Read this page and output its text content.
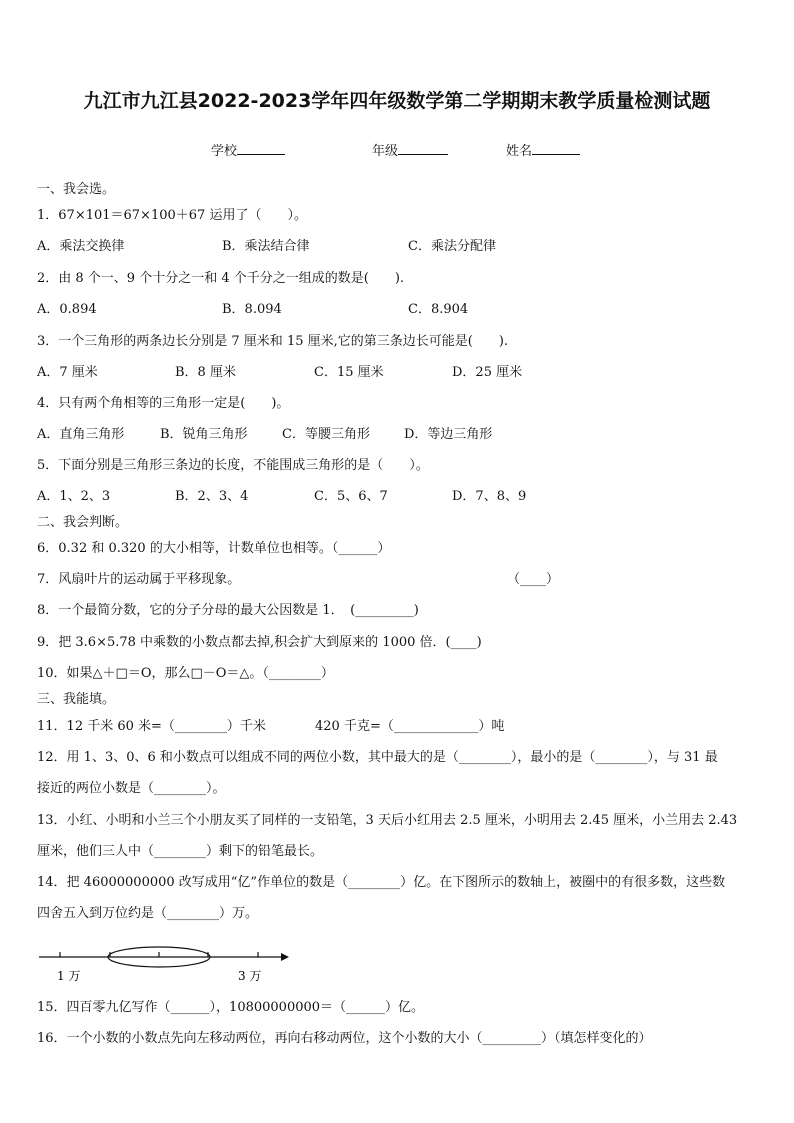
九江市九江县2022-2023学年四年级数学第二学期期末教学质量检测试题
学校	年级	姓名
一、我会选。
1．67×101＝67×100＋67 运用了（　　）。
A．乘法交换律	B．乘法结合律	C．乘法分配律
2．由 8 个一、9 个十分之一和 4 个千分之一组成的数是(　　).
A．0.894	B．8.094	C．8.904
3．一个三角形的两条边长分别是 7 厘米和 15 厘米,它的第三条边长可能是(　　).
A．7 厘米	B．8 厘米	C．15 厘米	D．25 厘米
4．只有两个角相等的三角形一定是(　　)。
A．直角三角形	B．锐角三角形	C．等腰三角形	D．等边三角形
5．下面分别是三角形三条边的长度，不能围成三角形的是（　　）。
A．1、2、3	B．2、3、4	C．5、6、7	D．7、8、9
二、我会判断。
6．0.32 和 0.320 的大小相等，计数单位也相等。（______）
7．风扇叶片的运动属于平移现象。	（____）
8．一个最简分数，它的分子分母的最大公因数是 1．　(_________)
9．把 3.6×5.78 中乘数的小数点都去掉,积会扩大到原来的 1000 倍．(____)
10．如果△＋□＝O，那么□－O＝△。（________）
三、我能填。
11．12 千米 60 米=（________）千米	420 千克=（_____________）吨
12．用 1、3、0、6 和小数点可以组成不同的两位小数，其中最大的是（________），最小的是（________），与 31 最
接近的两位小数是（________）。
13．小红、小明和小兰三个小朋友买了同样的一支铅笔，3 天后小红用去 2.5 厘米，小明用去 2.45 厘米，小兰用去 2.43
厘米，他们三人中（________）剩下的铅笔最长。
14．把 46000000000 改写成用“亿”作单位的数是（________）亿。在下图所示的数轴上，被圈中的有很多数，这些数
四舍五入到万位约是（________）万。
1 万	3 万
15．四百零九亿写作（______），10800000000＝（______）亿。
16．一个小数的小数点先向左移动两位，再向右移动两位，这个小数的大小（_________）（填怎样变化的）
